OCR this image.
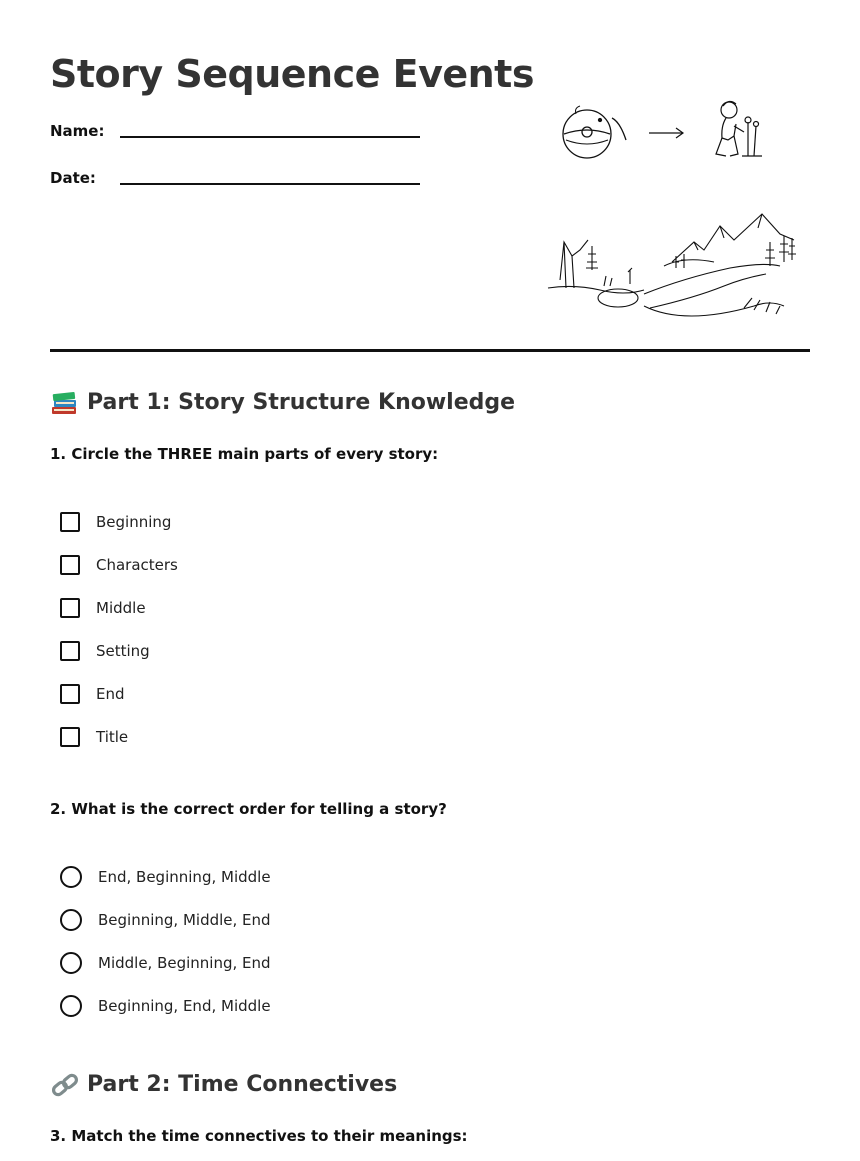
Story Sequence Events
Name:
Date:
Part 1: Story Structure Knowledge
1. Circle the THREE main parts of every story:
Beginning
Characters
Middle
Setting
End
Title
2. What is the correct order for telling a story?
End, Beginning, Middle
Beginning, Middle, End
Middle, Beginning, End
Beginning, End, Middle
Part 2: Time Connectives
3. Match the time connectives to their meanings:
